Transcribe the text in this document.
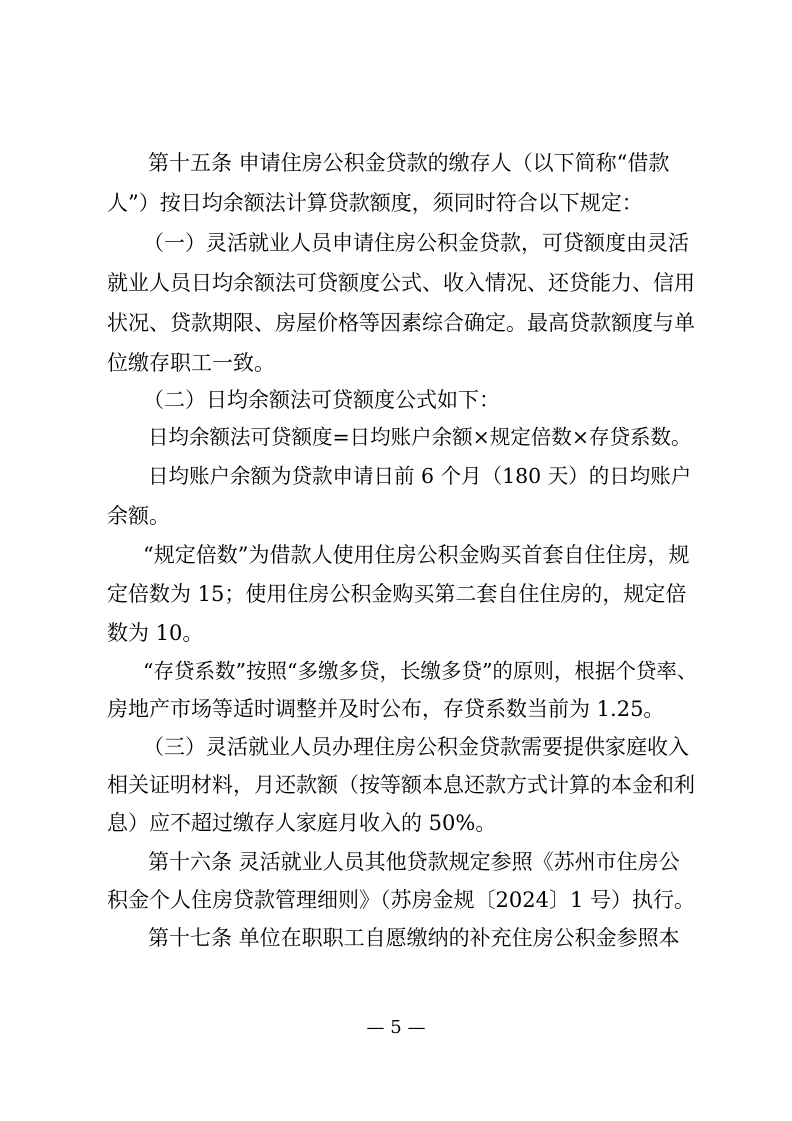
第十五条 申请住房公积金贷款的缴存人（以下简称“借款
人”）按日均余额法计算贷款额度，须同时符合以下规定：
（一）灵活就业人员申请住房公积金贷款，可贷额度由灵活
就业人员日均余额法可贷额度公式、收入情况、还贷能力、信用
状况、贷款期限、房屋价格等因素综合确定。最高贷款额度与单
位缴存职工一致。
（二）日均余额法可贷额度公式如下：
日均余额法可贷额度=日均账户余额×规定倍数×存贷系数。
日均账户余额为贷款申请日前 6 个月（180 天）的日均账户
余额。
“规定倍数”为借款人使用住房公积金购买首套自住住房，规
定倍数为 15；使用住房公积金购买第二套自住住房的，规定倍
数为 10。
“存贷系数”按照“多缴多贷，长缴多贷”的原则，根据个贷率、
房地产市场等适时调整并及时公布，存贷系数当前为 1.25。
（三）灵活就业人员办理住房公积金贷款需要提供家庭收入
相关证明材料，月还款额（按等额本息还款方式计算的本金和利
息）应不超过缴存人家庭月收入的 50%。
第十六条 灵活就业人员其他贷款规定参照《苏州市住房公
积金个人住房贷款管理细则》（苏房金规〔2024〕1 号）执行。
第十七条 单位在职职工自愿缴纳的补充住房公积金参照本
— 5 —
